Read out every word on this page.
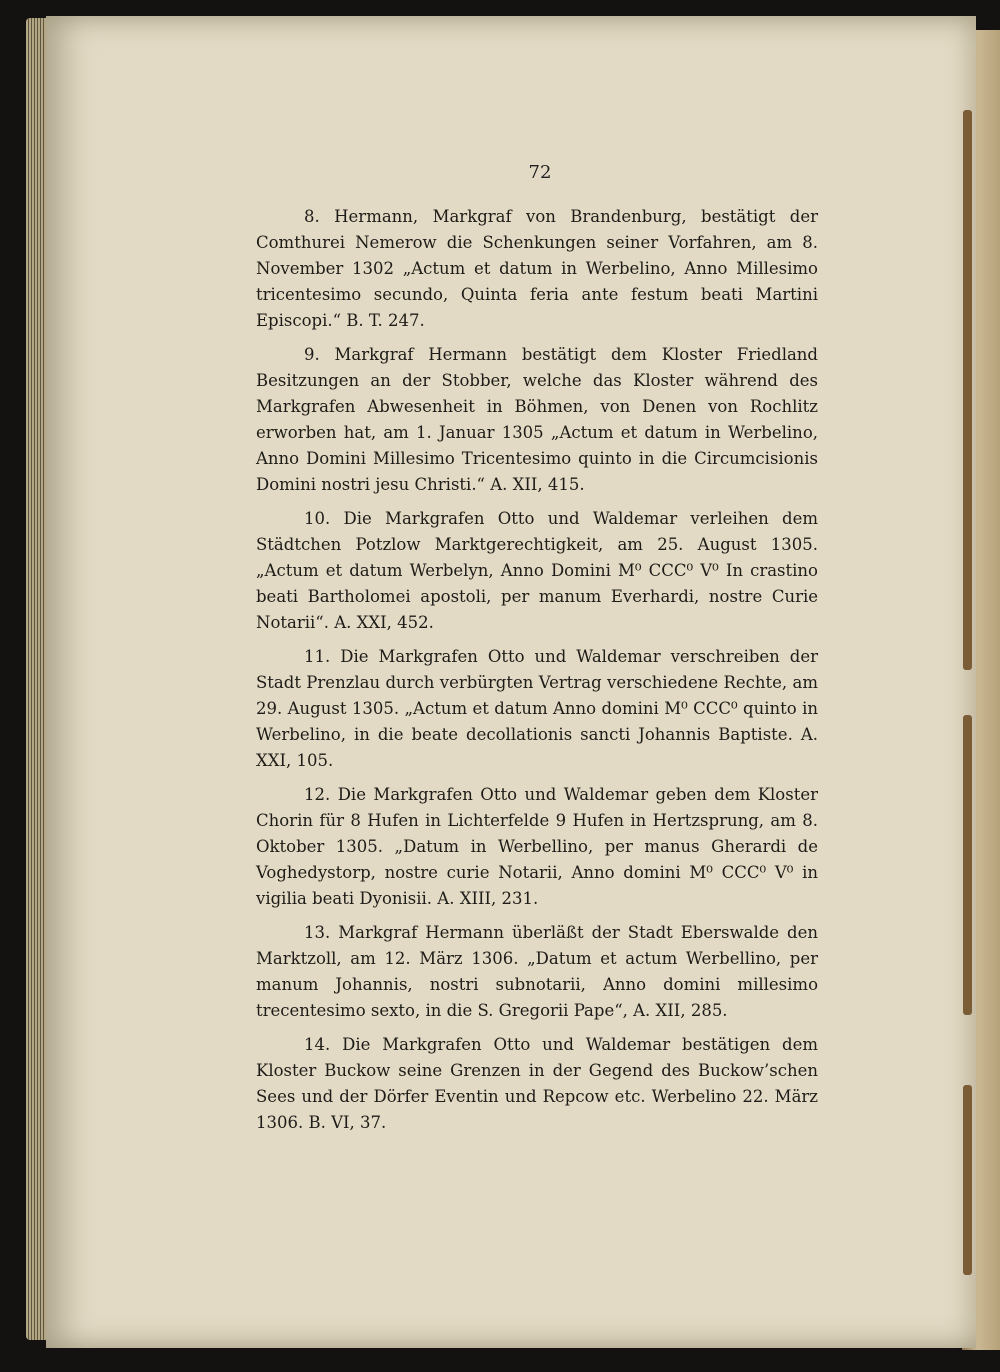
72

8. Hermann, Markgraf von Brandenburg, bestätigt der Comthurei Nemerow die Schenkungen seiner Vorfahren, am 8. November 1302 „Actum et datum in Werbelino, Anno Millesimo tricentesimo secundo, Quinta feria ante festum beati Martini Episcopi.“ B. T. 247.

9. Markgraf Hermann bestätigt dem Kloster Friedland Besitzungen an der Stobber, welche das Kloster während des Markgrafen Abwesenheit in Böhmen, von Denen von Rochlitz erworben hat, am 1. Januar 1305 „Actum et datum in Werbelino, Anno Domini Millesimo Tricentesimo quinto in die Circumcisionis Domini nostri jesu Christi.“ A. XII, 415.

10. Die Markgrafen Otto und Waldemar verleihen dem Städtchen Potzlow Marktgerechtigkeit, am 25. August 1305. „Actum et datum Werbelyn, Anno Domini M⁰ CCC⁰ V⁰ In crastino beati Bartholomei apostoli, per manum Everhardi, nostre Curie Notarii“. A. XXI, 452.

11. Die Markgrafen Otto und Waldemar verschreiben der Stadt Prenzlau durch verbürgten Vertrag verschiedene Rechte, am 29. August 1305. „Actum et datum Anno domini M⁰ CCC⁰ quinto in Werbelino, in die beate decollationis sancti Johannis Baptiste. A. XXI, 105.

12. Die Markgrafen Otto und Waldemar geben dem Kloster Chorin für 8 Hufen in Lichterfelde 9 Hufen in Hertzsprung, am 8. Oktober 1305. „Datum in Werbellino, per manus Gherardi de Voghedystorp, nostre curie Notarii, Anno domini M⁰ CCC⁰ V⁰ in vigilia beati Dyonisii. A. XIII, 231.

13. Markgraf Hermann überläßt der Stadt Eberswalde den Marktzoll, am 12. März 1306. „Datum et actum Werbellino, per manum Johannis, nostri subnotarii, Anno domini millesimo trecentesimo sexto, in die S. Gregorii Pape“, A. XII, 285.

14. Die Markgrafen Otto und Waldemar bestätigen dem Kloster Buckow seine Grenzen in der Gegend des Buckow’schen Sees und der Dörfer Eventin und Repcow etc. Werbelino 22. März 1306. B. VI, 37.
